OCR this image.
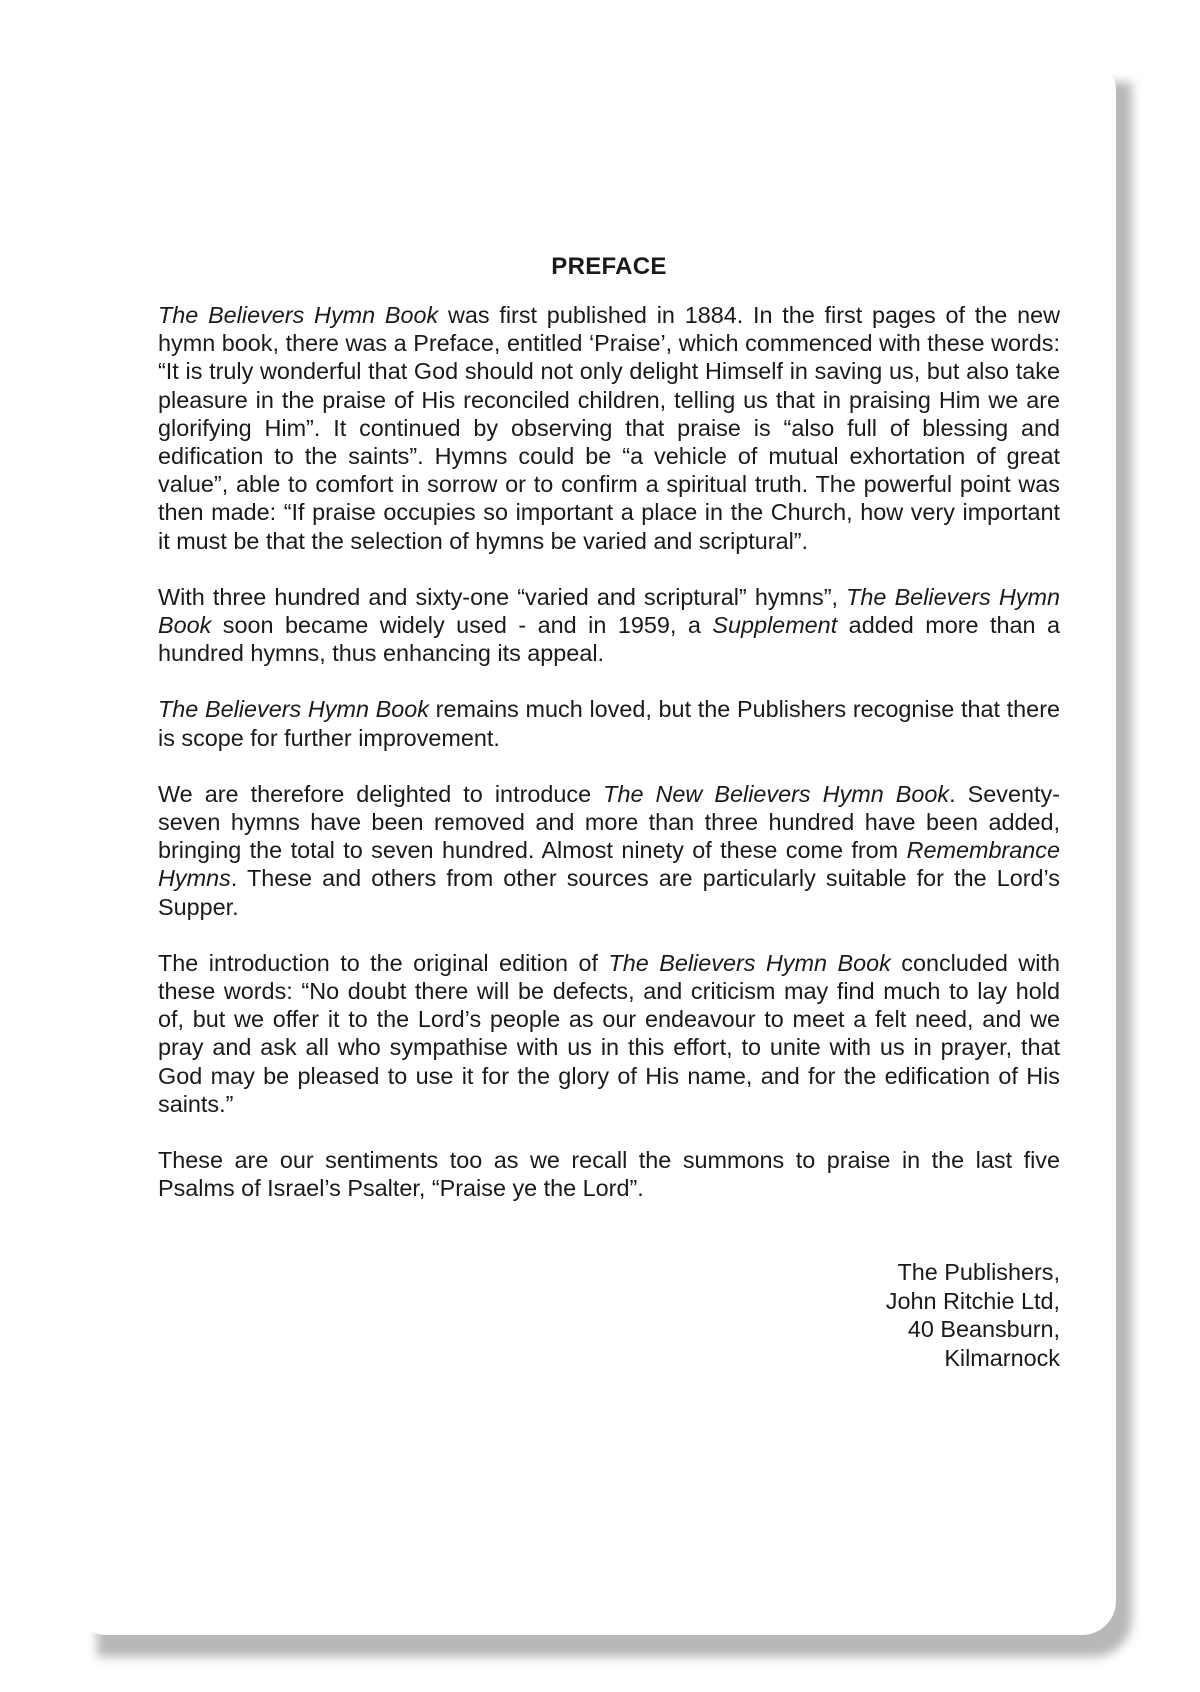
PREFACE

The Believers Hymn Book was first published in 1884. In the first pages of the new hymn book, there was a Preface, entitled ‘Praise’, which commenced with these words: “It is truly wonderful that God should not only delight Himself in saving us, but also take pleasure in the praise of His reconciled children, telling us that in praising Him we are glorifying Him”. It continued by observing that praise is “also full of blessing and edification to the saints”. Hymns could be “a vehicle of mutual exhortation of great value”, able to comfort in sorrow or to confirm a spiritual truth. The powerful point was then made: “If praise occupies so important a place in the Church, how very important it must be that the selection of hymns be varied and scriptural”.

With three hundred and sixty-one “varied and scriptural” hymns”, The Believers Hymn Book soon became widely used - and in 1959, a Supplement added more than a hundred hymns, thus enhancing its appeal.

The Believers Hymn Book remains much loved, but the Publishers recognise that there is scope for further improvement.

We are therefore delighted to introduce The New Believers Hymn Book. Seventy-seven hymns have been removed and more than three hundred have been added, bringing the total to seven hundred. Almost ninety of these come from Remembrance Hymns. These and others from other sources are particularly suitable for the Lord’s Supper.

The introduction to the original edition of The Believers Hymn Book concluded with these words: “No doubt there will be defects, and criticism may find much to lay hold of, but we offer it to the Lord’s people as our endeavour to meet a felt need, and we pray and ask all who sympathise with us in this effort, to unite with us in prayer, that God may be pleased to use it for the glory of His name, and for the edification of His saints.”

These are our sentiments too as we recall the summons to praise in the last five Psalms of Israel’s Psalter, “Praise ye the Lord”.

The Publishers,
John Ritchie Ltd,
40 Beansburn,
Kilmarnock
